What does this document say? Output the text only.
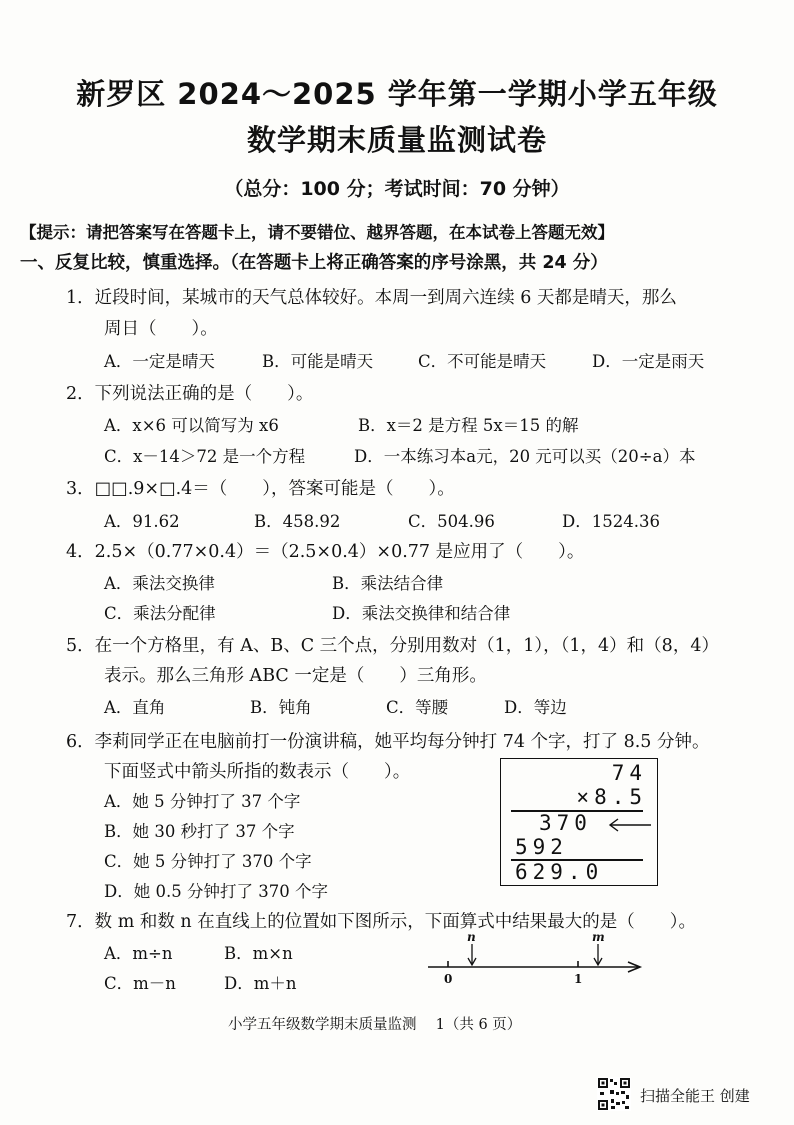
新罗区 2024～2025 学年第一学期小学五年级
数学期末质量监测试卷
（总分：100 分；考试时间：70 分钟）
【提示：请把答案写在答题卡上，请不要错位、越界答题，在本试卷上答题无效】
一、反复比较，慎重选择。（在答题卡上将正确答案的序号涂黑，共 24 分）
1．近段时间，某城市的天气总体较好。本周一到周六连续 6 天都是晴天，那么
周日（　　）。
A．一定是晴天	B．可能是晴天	C．不可能是晴天	D．一定是雨天
2．下列说法正确的是（　　）。
A．x×6 可以简写为 x6	B．x＝2 是方程 5x＝15 的解
C．x－14＞72 是一个方程	D．一本练习本a元，20 元可以买（20÷a）本
3．□□.9×□.4＝（　　），答案可能是（　　）。
A．91.62	B．458.92	C．504.96	D．1524.36
4．2.5×（0.77×0.4）＝（2.5×0.4）×0.77 是应用了（　　）。
A．乘法交换律	B．乘法结合律
C．乘法分配律	D．乘法交换律和结合律
5．在一个方格里，有 A、B、C 三个点，分别用数对（1，1），（1，4）和（8，4）
表示。那么三角形 ABC 一定是（　　）三角形。
A．直角	B．钝角	C．等腰	D．等边
6．李莉同学正在电脑前打一份演讲稿，她平均每分钟打 74 个字，打了 8.5 分钟。
下面竖式中箭头所指的数表示（　　）。
A．她 5 分钟打了 37 个字
B．她 30 秒打了 37 个字
C．她 5 分钟打了 370 个字
D．她 0.5 分钟打了 370 个字
74
×8.5
370
592
629.0
7．数 m 和数 n 在直线上的位置如下图所示，下面算式中结果最大的是（　　）。
A．m÷n	B．m×n
C．m－n	D．m＋n
n	m
0	1
小学五年级数学期末质量监测　 1（共 6 页）
扫描全能王 创建
